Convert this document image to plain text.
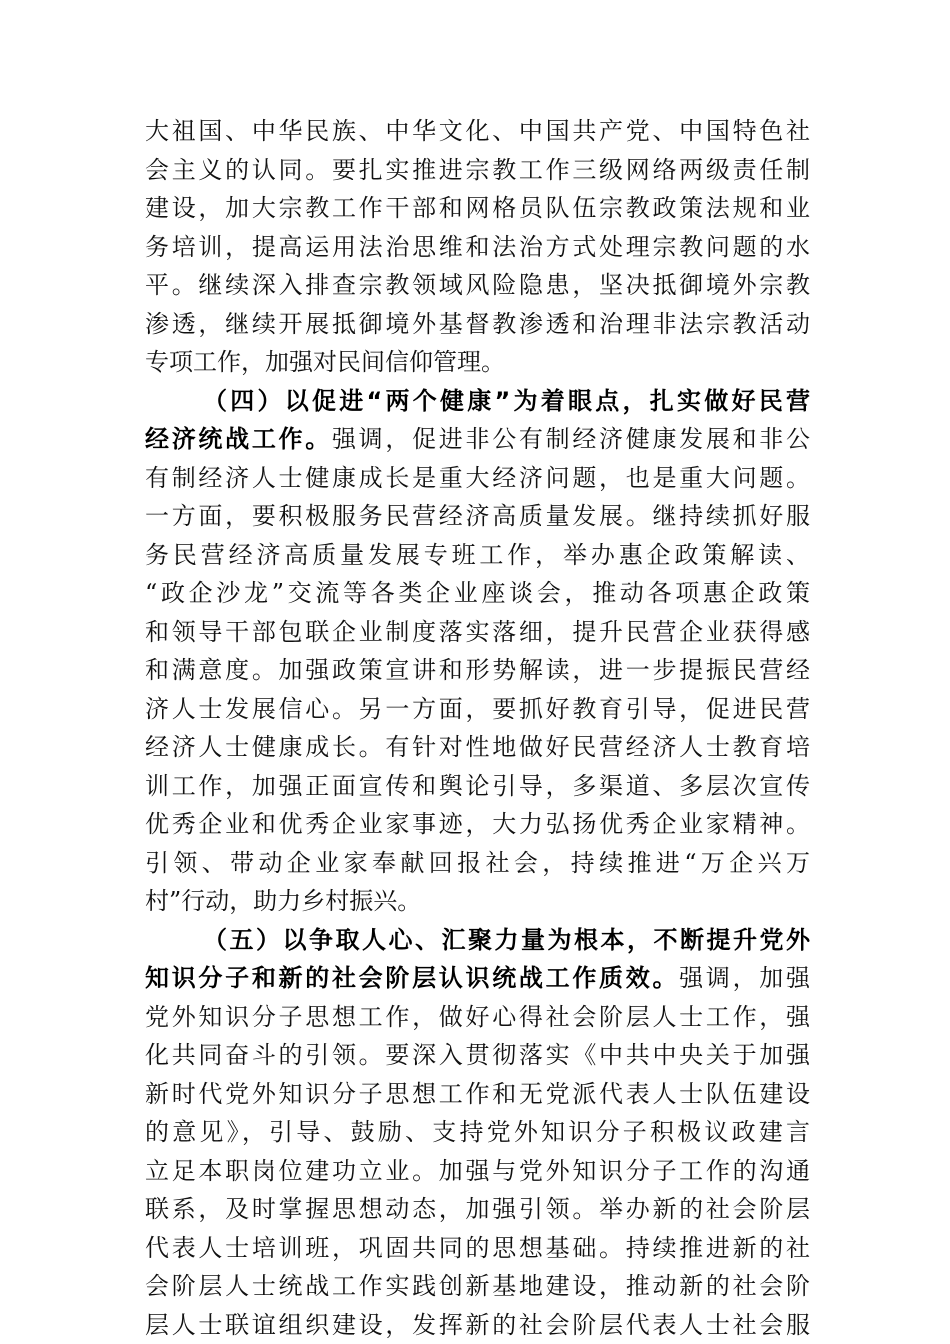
大祖国、中华民族、中华文化、中国共产党、中国特色社
会主义的认同。要扎实推进宗教工作三级网络两级责任制
建设，加大宗教工作干部和网格员队伍宗教政策法规和业
务培训，提高运用法治思维和法治方式处理宗教问题的水
平。继续深入排查宗教领域风险隐患，坚决抵御境外宗教
渗透，继续开展抵御境外基督教渗透和治理非法宗教活动
专项工作，加强对民间信仰管理。
（四）以促进“两个健康”为着眼点，扎实做好民营
经济统战工作。强调，促进非公有制经济健康发展和非公
有制经济人士健康成长是重大经济问题，也是重大问题。
一方面，要积极服务民营经济高质量发展。继持续抓好服
务民营经济高质量发展专班工作，举办惠企政策解读、
“政企沙龙”交流等各类企业座谈会，推动各项惠企政策
和领导干部包联企业制度落实落细，提升民营企业获得感
和满意度。加强政策宣讲和形势解读，进一步提振民营经
济人士发展信心。另一方面，要抓好教育引导，促进民营
经济人士健康成长。有针对性地做好民营经济人士教育培
训工作，加强正面宣传和舆论引导，多渠道、多层次宣传
优秀企业和优秀企业家事迹，大力弘扬优秀企业家精神。
引领、带动企业家奉献回报社会，持续推进“万企兴万
村”行动，助力乡村振兴。
（五）以争取人心、汇聚力量为根本，不断提升党外
知识分子和新的社会阶层认识统战工作质效。强调，加强
党外知识分子思想工作，做好心得社会阶层人士工作，强
化共同奋斗的引领。要深入贯彻落实《中共中央关于加强
新时代党外知识分子思想工作和无党派代表人士队伍建设
的意见》，引导、鼓励、支持党外知识分子积极议政建言
立足本职岗位建功立业。加强与党外知识分子工作的沟通
联系，及时掌握思想动态，加强引领。举办新的社会阶层
代表人士培训班，巩固共同的思想基础。持续推进新的社
会阶层人士统战工作实践创新基地建设，推动新的社会阶
层人士联谊组织建设，发挥新的社会阶层代表人士社会服
